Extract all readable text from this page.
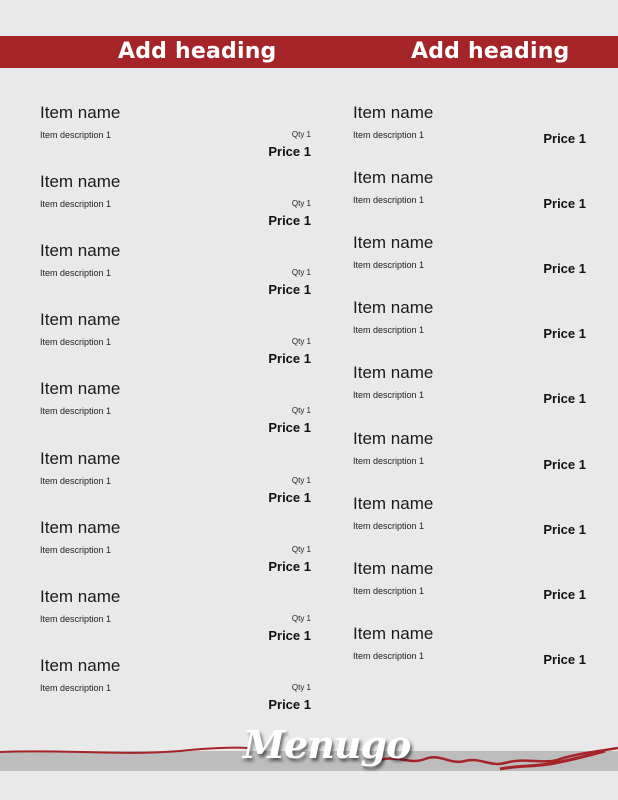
Add heading	Add heading
Item name
Item description 1	Qty 1
Price 1
Item name
Item description 1	Qty 1
Price 1
Item name
Item description 1	Qty 1
Price 1
Item name
Item description 1	Qty 1
Price 1
Item name
Item description 1	Qty 1
Price 1
Item name
Item description 1	Qty 1
Price 1
Item name
Item description 1	Qty 1
Price 1
Item name
Item description 1	Qty 1
Price 1
Item name
Item description 1	Qty 1
Price 1
Item name
Item description 1	Price 1
Item name
Item description 1	Price 1
Item name
Item description 1	Price 1
Item name
Item description 1	Price 1
Item name
Item description 1	Price 1
Item name
Item description 1	Price 1
Item name
Item description 1	Price 1
Item name
Item description 1	Price 1
Item name
Item description 1	Price 1
Menugo
